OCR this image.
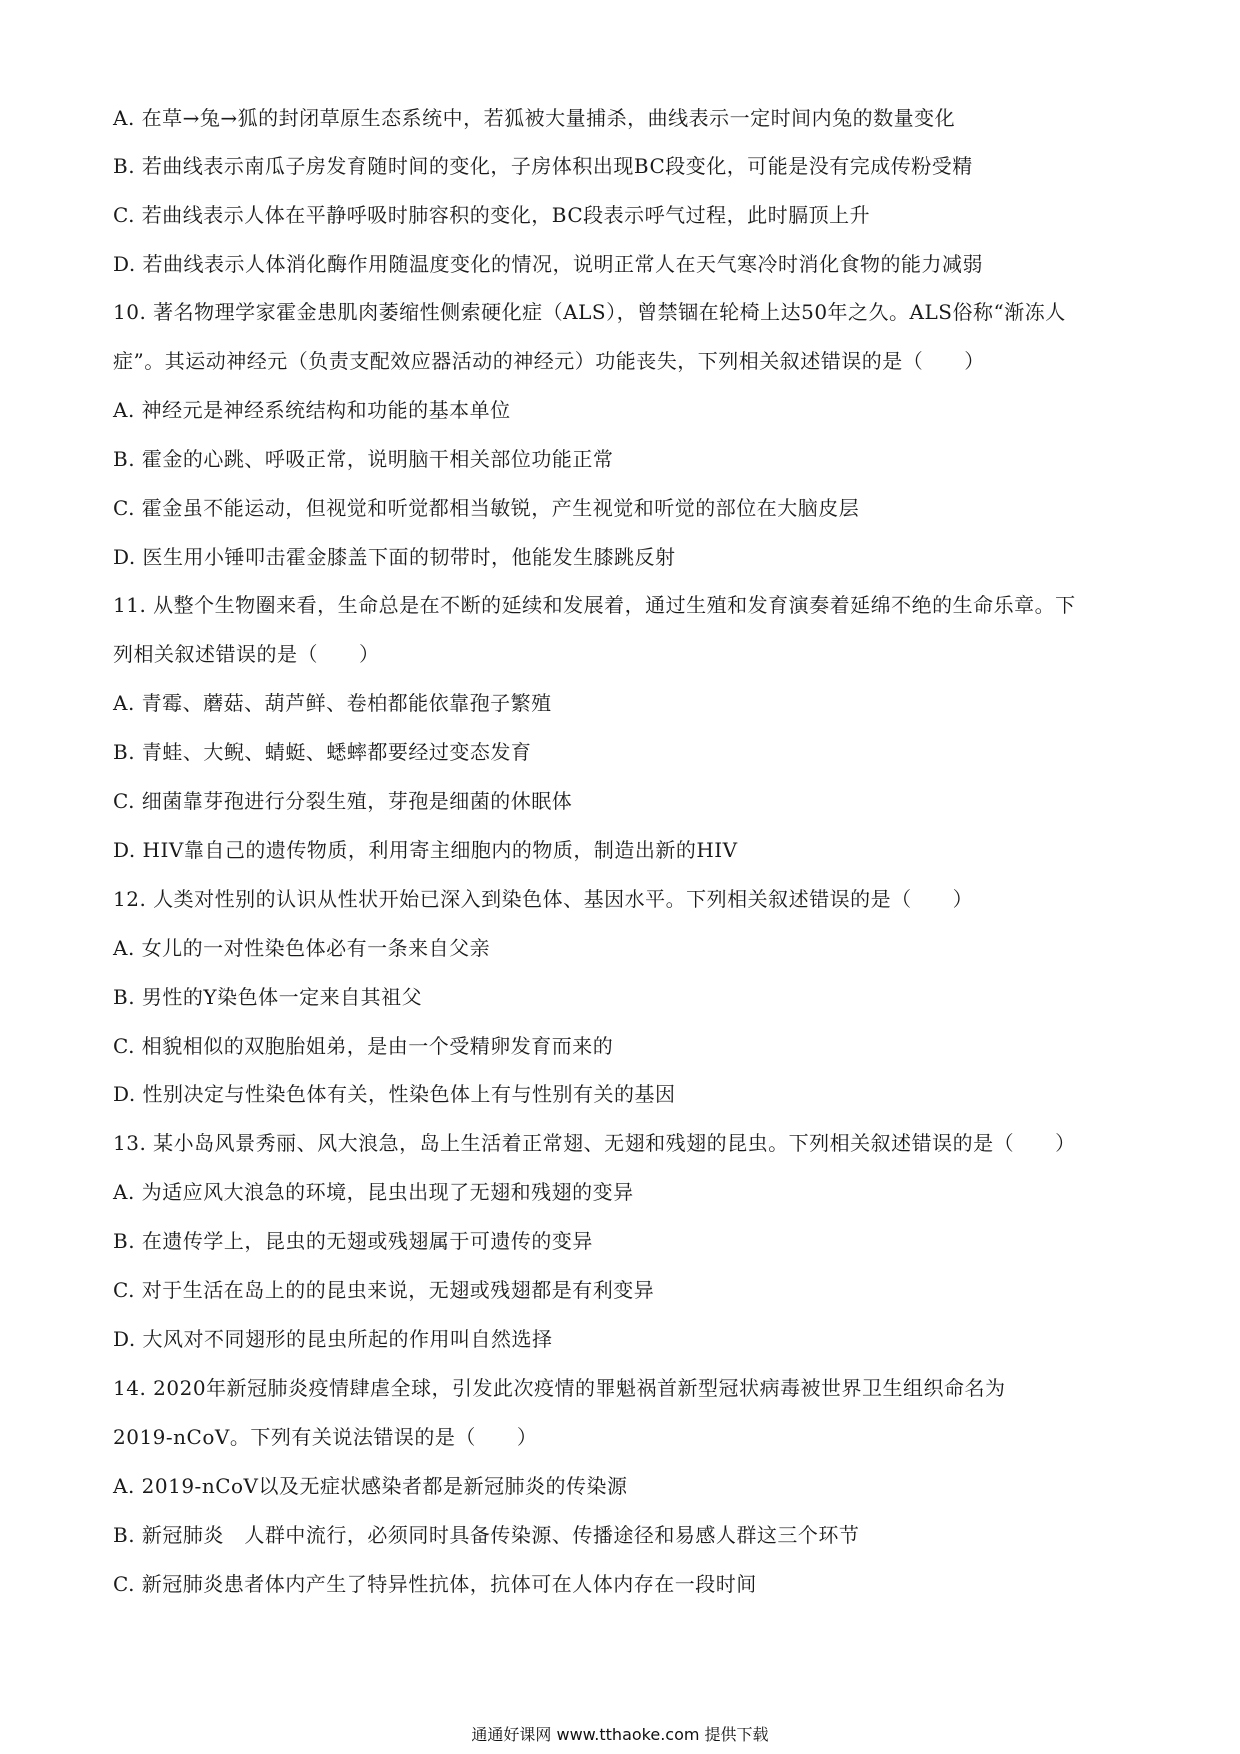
A. 在草→兔→狐的封闭草原生态系统中，若狐被大量捕杀，曲线表示一定时间内兔的数量变化
B. 若曲线表示南瓜子房发育随时间的变化，子房体积出现BC段变化，可能是没有完成传粉受精
C. 若曲线表示人体在平静呼吸时肺容积的变化，BC段表示呼气过程，此时膈顶上升
D. 若曲线表示人体消化酶作用随温度变化的情况，说明正常人在天气寒冷时消化食物的能力减弱
10. 著名物理学家霍金患肌肉萎缩性侧索硬化症（ALS），曾禁锢在轮椅上达50年之久。ALS俗称“渐冻人
症”。其运动神经元（负责支配效应器活动的神经元）功能丧失，下列相关叙述错误的是（　　）
A. 神经元是神经系统结构和功能的基本单位
B. 霍金的心跳、呼吸正常，说明脑干相关部位功能正常
C. 霍金虽不能运动，但视觉和听觉都相当敏锐，产生视觉和听觉的部位在大脑皮层
D. 医生用小锤叩击霍金膝盖下面的韧带时，他能发生膝跳反射
11. 从整个生物圈来看，生命总是在不断的延续和发展着，通过生殖和发育演奏着延绵不绝的生命乐章。下
列相关叙述错误的是（　　）
A. 青霉、蘑菇、葫芦鲜、卷柏都能依靠孢子繁殖
B. 青蛙、大鲵、蜻蜓、蟋蟀都要经过变态发育
C. 细菌靠芽孢进行分裂生殖，芽孢是细菌的休眠体
D. HIV靠自己的遗传物质，利用寄主细胞内的物质，制造出新的HIV
12. 人类对性别的认识从性状开始已深入到染色体、基因水平。下列相关叙述错误的是（　　）
A. 女儿的一对性染色体必有一条来自父亲
B. 男性的Y染色体一定来自其祖父
C. 相貌相似的双胞胎姐弟，是由一个受精卵发育而来的
D. 性别决定与性染色体有关，性染色体上有与性别有关的基因
13. 某小岛风景秀丽、风大浪急，岛上生活着正常翅、无翅和残翅的昆虫。下列相关叙述错误的是（　　）
A. 为适应风大浪急的环境，昆虫出现了无翅和残翅的变异
B. 在遗传学上，昆虫的无翅或残翅属于可遗传的变异
C. 对于生活在岛上的的昆虫来说，无翅或残翅都是有利变异
D. 大风对不同翅形的昆虫所起的作用叫自然选择
14. 2020年新冠肺炎疫情肆虐全球，引发此次疫情的罪魁祸首新型冠状病毒被世界卫生组织命名为
2019-nCoV。下列有关说法错误的是（　　）
A. 2019-nCoV以及无症状感染者都是新冠肺炎的传染源
B. 新冠肺炎　人群中流行，必须同时具备传染源、传播途径和易感人群这三个环节
C. 新冠肺炎患者体内产生了特异性抗体，抗体可在人体内存在一段时间
通通好课网 www.tthaoke.com 提供下载
